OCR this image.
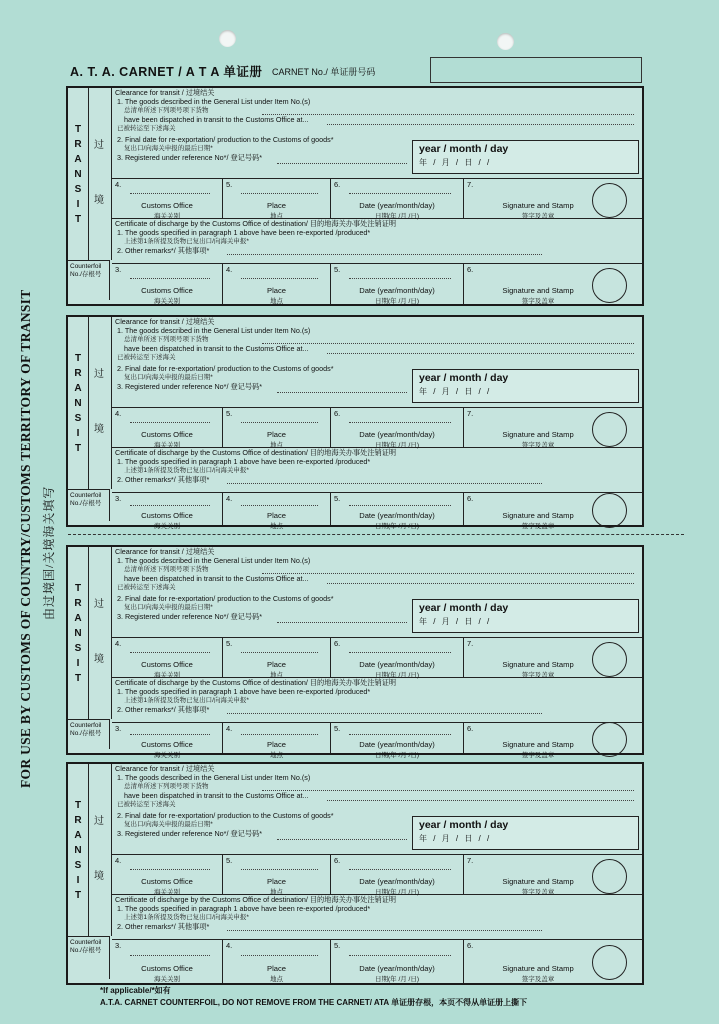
A. T. A. CARNET / A T A 单证册 CARNET No./ 单证册号码
FOR USE BY CUSTOMS OF COUNTRY/CUSTOMS TERRITORY OF TRANSIT 由过境国/关境海关填写
T
R
A
N
S
I
T
过
境
Clearance for transit / 过境结关
1. The goods described in the General List under Item No.(s)
总清单所述下列项号项下货物
have been dispatched in transit to the Customs Office at...
已被转运至下述海关
2. Final date for re-exportation/ production to the Customs of goods*
复出口/向海关申报的最后日期*
3. Registered under reference No*/ 登记号码*
year / month / day
年 / 月 / 日 / /
4.
Customs Office
海关关别
5.
Place
地点
6.
Date (year/month/day)
日期(年 /月 /日)
7.
Signature and Stamp
签字及盖章
Certificate of discharge by the Customs Office of destination/ 目的地海关办事处注销证明
1. The goods specified in paragraph 1 above have been re-exported /produced*
上述第1条所提及货物已复出口/向海关申报*
2. Other remarks*/ 其他事项*
Counterfoil No./存根号
3.
Customs Office
海关关别
4.
Place
地点
5.
Date (year/month/day)
日期(年 /月 /日)
6.
Signature and Stamp
签字及盖章
T
R
A
N
S
I
T
过
境
Clearance for transit / 过境结关
1. The goods described in the General List under Item No.(s)
总清单所述下列项号项下货物
have been dispatched in transit to the Customs Office at...
已被转运至下述海关
2. Final date for re-exportation/ production to the Customs of goods*
复出口/向海关申报的最后日期*
3. Registered under reference No*/ 登记号码*
year / month / day
年 / 月 / 日 / /
4.
Customs Office
海关关别
5.
Place
地点
6.
Date (year/month/day)
日期(年 /月 /日)
7.
Signature and Stamp
签字及盖章
Certificate of discharge by the Customs Office of destination/ 目的地海关办事处注销证明
1. The goods specified in paragraph 1 above have been re-exported /produced*
上述第1条所提及货物已复出口/向海关申报*
2. Other remarks*/ 其他事项*
Counterfoil No./存根号
3.
Customs Office
海关关别
4.
Place
地点
5.
Date (year/month/day)
日期(年 /月 /日)
6.
Signature and Stamp
签字及盖章
T
R
A
N
S
I
T
过
境
Clearance for transit / 过境结关
1. The goods described in the General List under Item No.(s)
总清单所述下列项号项下货物
have been dispatched in transit to the Customs Office at...
已被转运至下述海关
2. Final date for re-exportation/ production to the Customs of goods*
复出口/向海关申报的最后日期*
3. Registered under reference No*/ 登记号码*
year / month / day
年 / 月 / 日 / /
4.
Customs Office
海关关别
5.
Place
地点
6.
Date (year/month/day)
日期(年 /月 /日)
7.
Signature and Stamp
签字及盖章
Certificate of discharge by the Customs Office of destination/ 目的地海关办事处注销证明
1. The goods specified in paragraph 1 above have been re-exported /produced*
上述第1条所提及货物已复出口/向海关申报*
2. Other remarks*/ 其他事项*
Counterfoil No./存根号
3.
Customs Office
海关关别
4.
Place
地点
5.
Date (year/month/day)
日期(年 /月 /日)
6.
Signature and Stamp
签字及盖章
T
R
A
N
S
I
T
过
境
Clearance for transit / 过境结关
1. The goods described in the General List under Item No.(s)
总清单所述下列项号项下货物
have been dispatched in transit to the Customs Office at...
已被转运至下述海关
2. Final date for re-exportation/ production to the Customs of goods*
复出口/向海关申报的最后日期*
3. Registered under reference No*/ 登记号码*
year / month / day
年 / 月 / 日 / /
4.
Customs Office
海关关别
5.
Place
地点
6.
Date (year/month/day)
日期(年 /月 /日)
7.
Signature and Stamp
签字及盖章
Certificate of discharge by the Customs Office of destination/ 目的地海关办事处注销证明
1. The goods specified in paragraph 1 above have been re-exported /produced*
上述第1条所提及货物已复出口/向海关申报*
2. Other remarks*/ 其他事项*
Counterfoil No./存根号
3.
Customs Office
海关关别
4.
Place
地点
5.
Date (year/month/day)
日期(年 /月 /日)
6.
Signature and Stamp
签字及盖章
*If applicable/*如有
A.T.A. CARNET COUNTERFOIL, DO NOT REMOVE FROM THE CARNET/ ATA 单证册存根，本页不得从单证册上撕下
